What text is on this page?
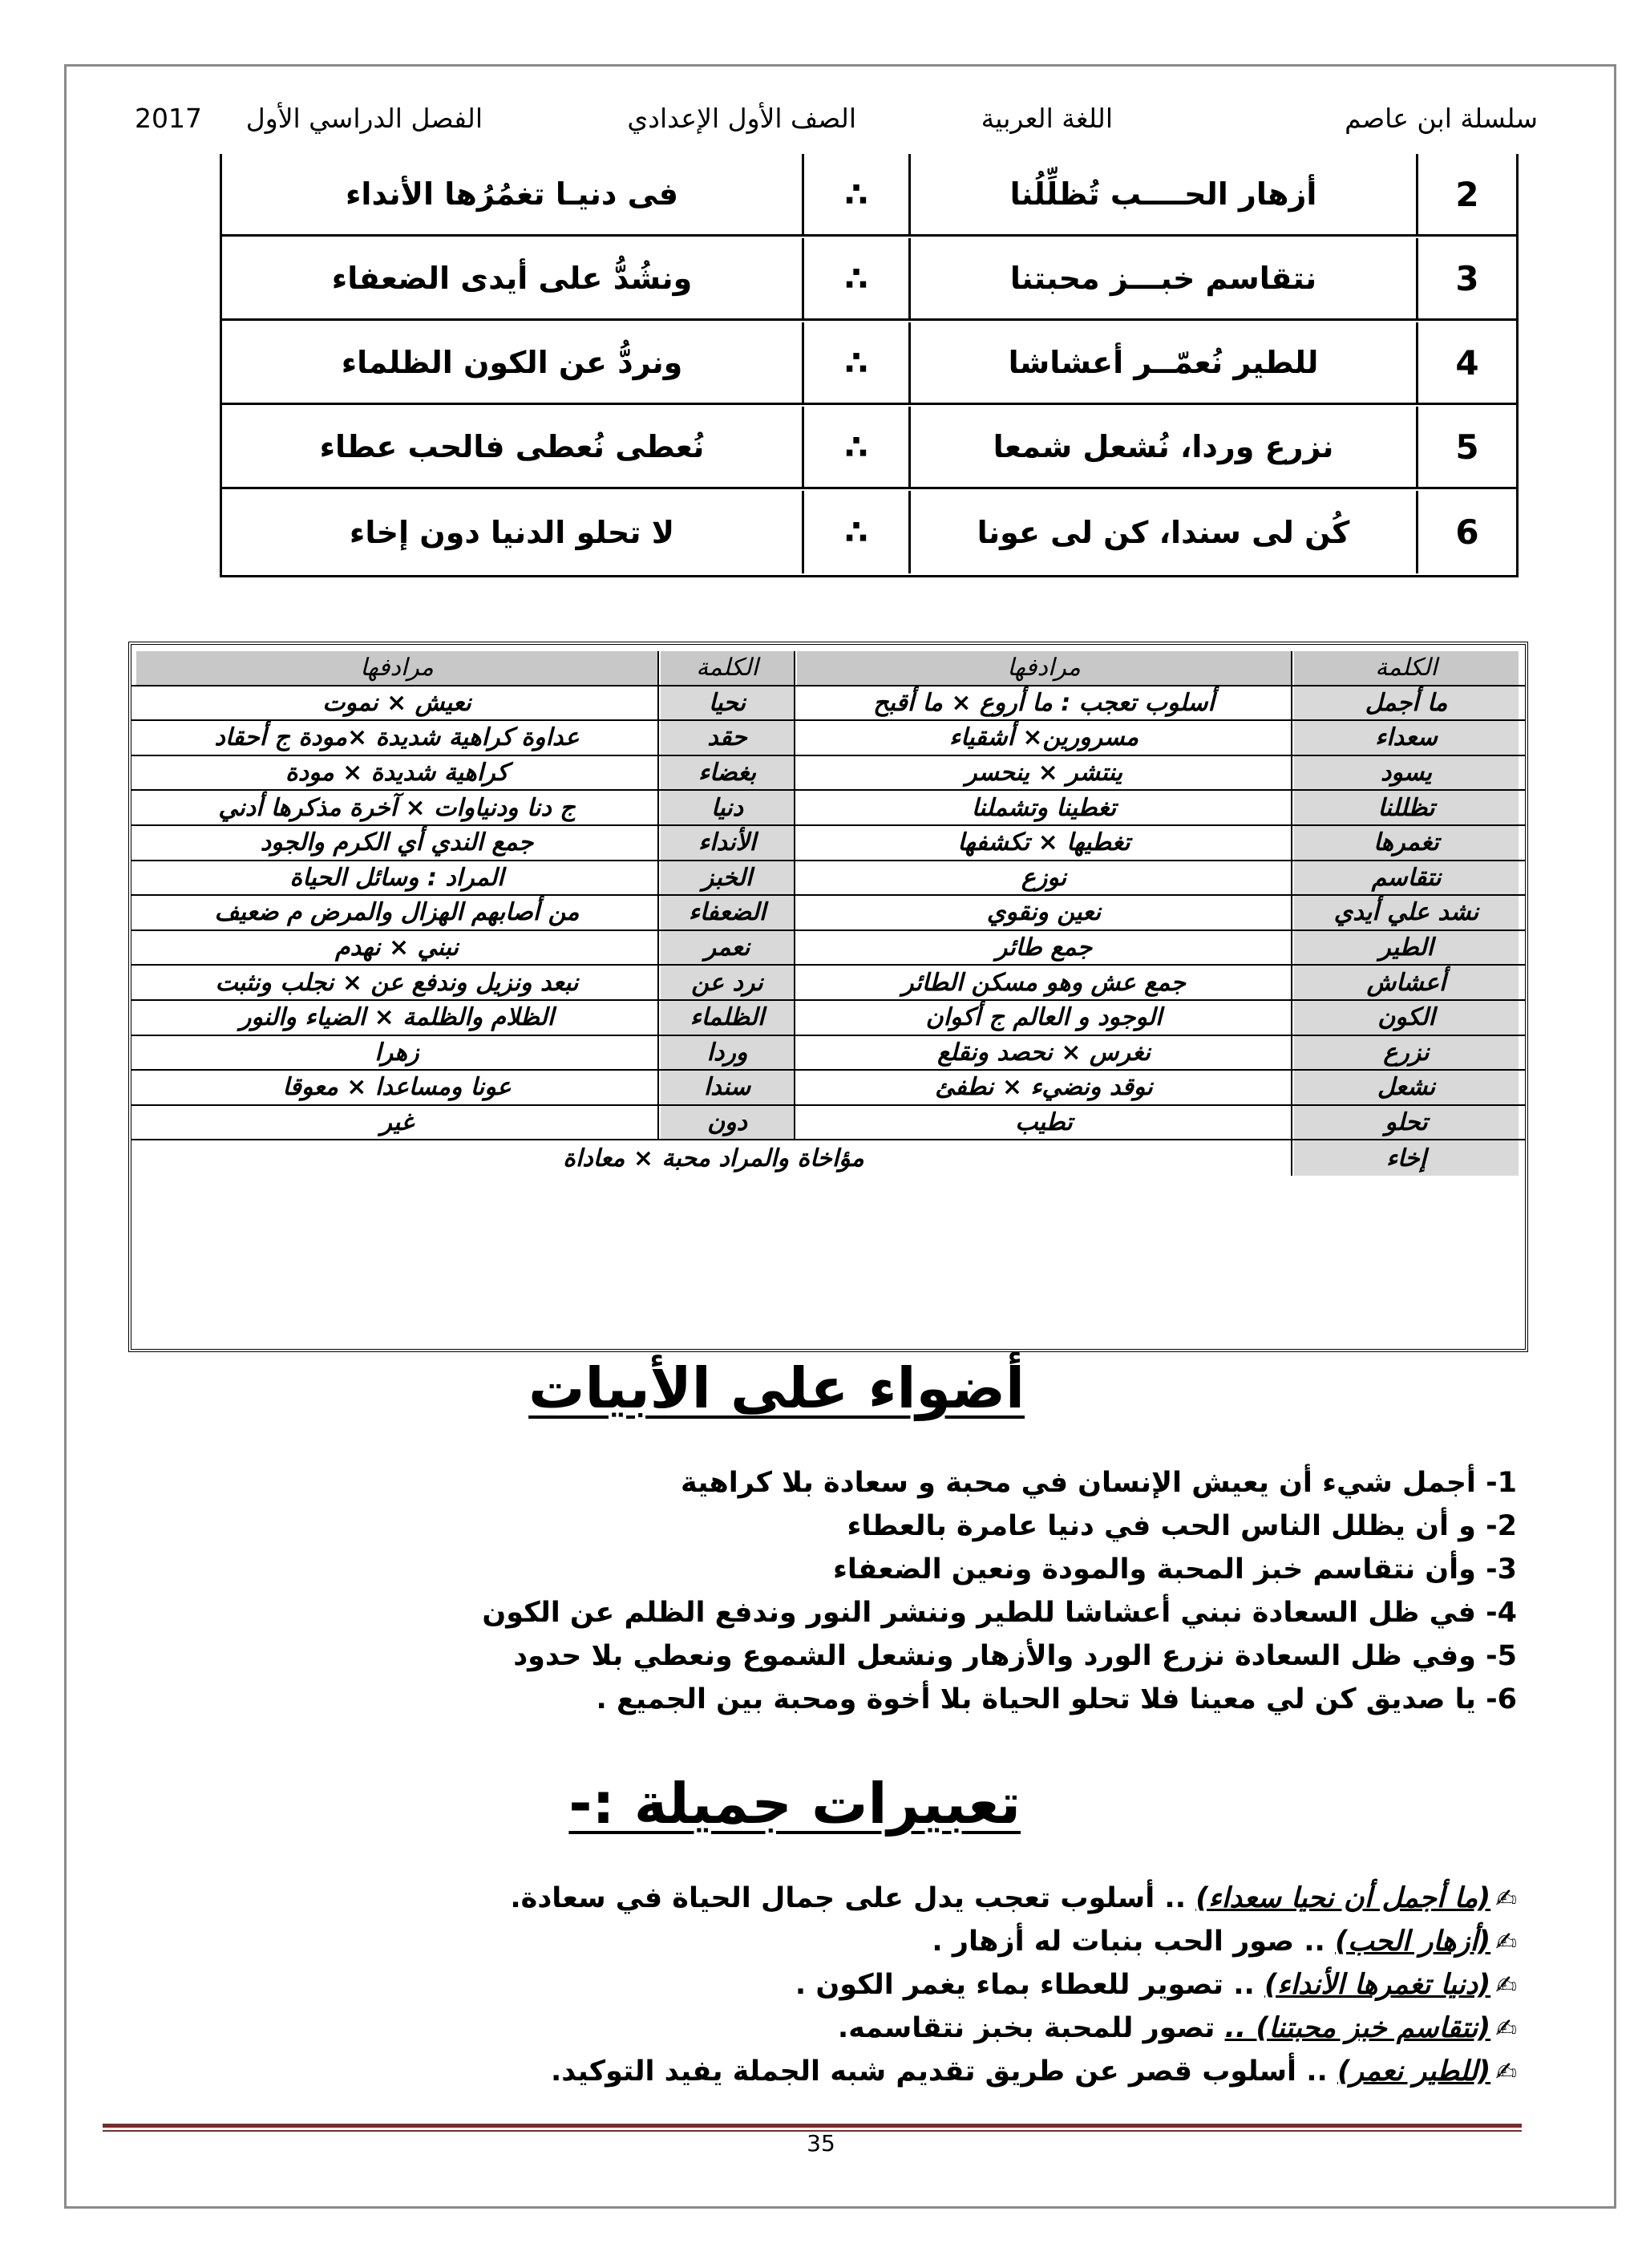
سلسلة ابن عاصم
اللغة العربية
الصف الأول الإعدادي
الفصل الدراسي الأول
2017
2
أزهار الحــــب تُظلِّلُنا
∴
فى دنيـا تغمُرُها الأنداء
3
نتقاسم خبـــز محبتنا
∴
ونشُدُّ على أيدى الضعفاء
4
للطير نُعمّــر أعشاشا
∴
ونردُّ عن الكون الظلماء
5
نزرع وردا، نُشعل شمعا
∴
نُعطى نُعطى فالحب عطاء
6
كُن لى سندا، كن لى عونا
∴
لا تحلو الدنيا دون إخاء
الكلمة
مرادفها
الكلمة
مرادفها
ما أجمل
أسلوب تعجب : ما أروع × ما أقبح
نحيا
نعيش × نموت
سعداء
مسرورين× أشقياء
حقد
عداوة كراهية شديدة ×مودة ج أحقاد
يسود
ينتشر × ينحسر
بغضاء
كراهية شديدة × مودة
تظللنا
تغطينا وتشملنا
دنيا
ج دنا ودنياوات × آخرة مذكرها أدني
تغمرها
تغطيها × تكشفها
الأنداء
جمع الندي أي الكرم والجود
نتقاسم
نوزع
الخبز
المراد : وسائل الحياة
نشد علي أيدي
نعين ونقوي
الضعفاء
من أصابهم الهزال والمرض م ضعيف
الطير
جمع طائر
نعمر
نبني × نهدم
أعشاش
جمع عش وهو مسكن الطائر
نرد عن
نبعد ونزيل وندفع عن × نجلب ونثبت
الكون
الوجود و العالم ج أكوان
الظلماء
الظلام والظلمة × الضياء والنور
نزرع
نغرس × نحصد ونقلع
وردا
زهرا
نشعل
نوقد ونضيء × نطفئ
سندا
عونا ومساعدا × معوقا
تحلو
تطيب
دون
غير
إخاء
مؤاخاة والمراد محبة × معاداة
أضواء على الأبيات
1- أجمل شيء أن يعيش الإنسان في محبة و سعادة بلا كراهية
2- و أن يظلل الناس الحب في دنيا عامرة بالعطاء
3- وأن نتقاسم خبز المحبة والمودة ونعين الضعفاء
4- في ظل السعادة نبني أعشاشا للطير وننشر النور وندفع الظلم عن الكون
5- وفي ظل السعادة نزرع الورد والأزهار ونشعل الشموع ونعطي بلا حدود
6- يا صديق كن لي معينا فلا تحلو الحياة بلا أخوة ومحبة بين الجميع .
تعبيرات جميلة :-
✍(ما أجمل أن نحيا سعداء) .. أسلوب تعجب يدل على جمال الحياة في سعادة.
✍(أزهار الحب) .. صور الحب بنبات له أزهار .
✍(دنيا تغمرها الأنداء) .. تصوير للعطاء بماء يغمر الكون .
✍(نتقاسم خبز محبتنا) .. تصور للمحبة بخبز نتقاسمه.
✍(للطير نعمر) .. أسلوب قصر عن طريق تقديم شبه الجملة يفيد التوكيد.
35
